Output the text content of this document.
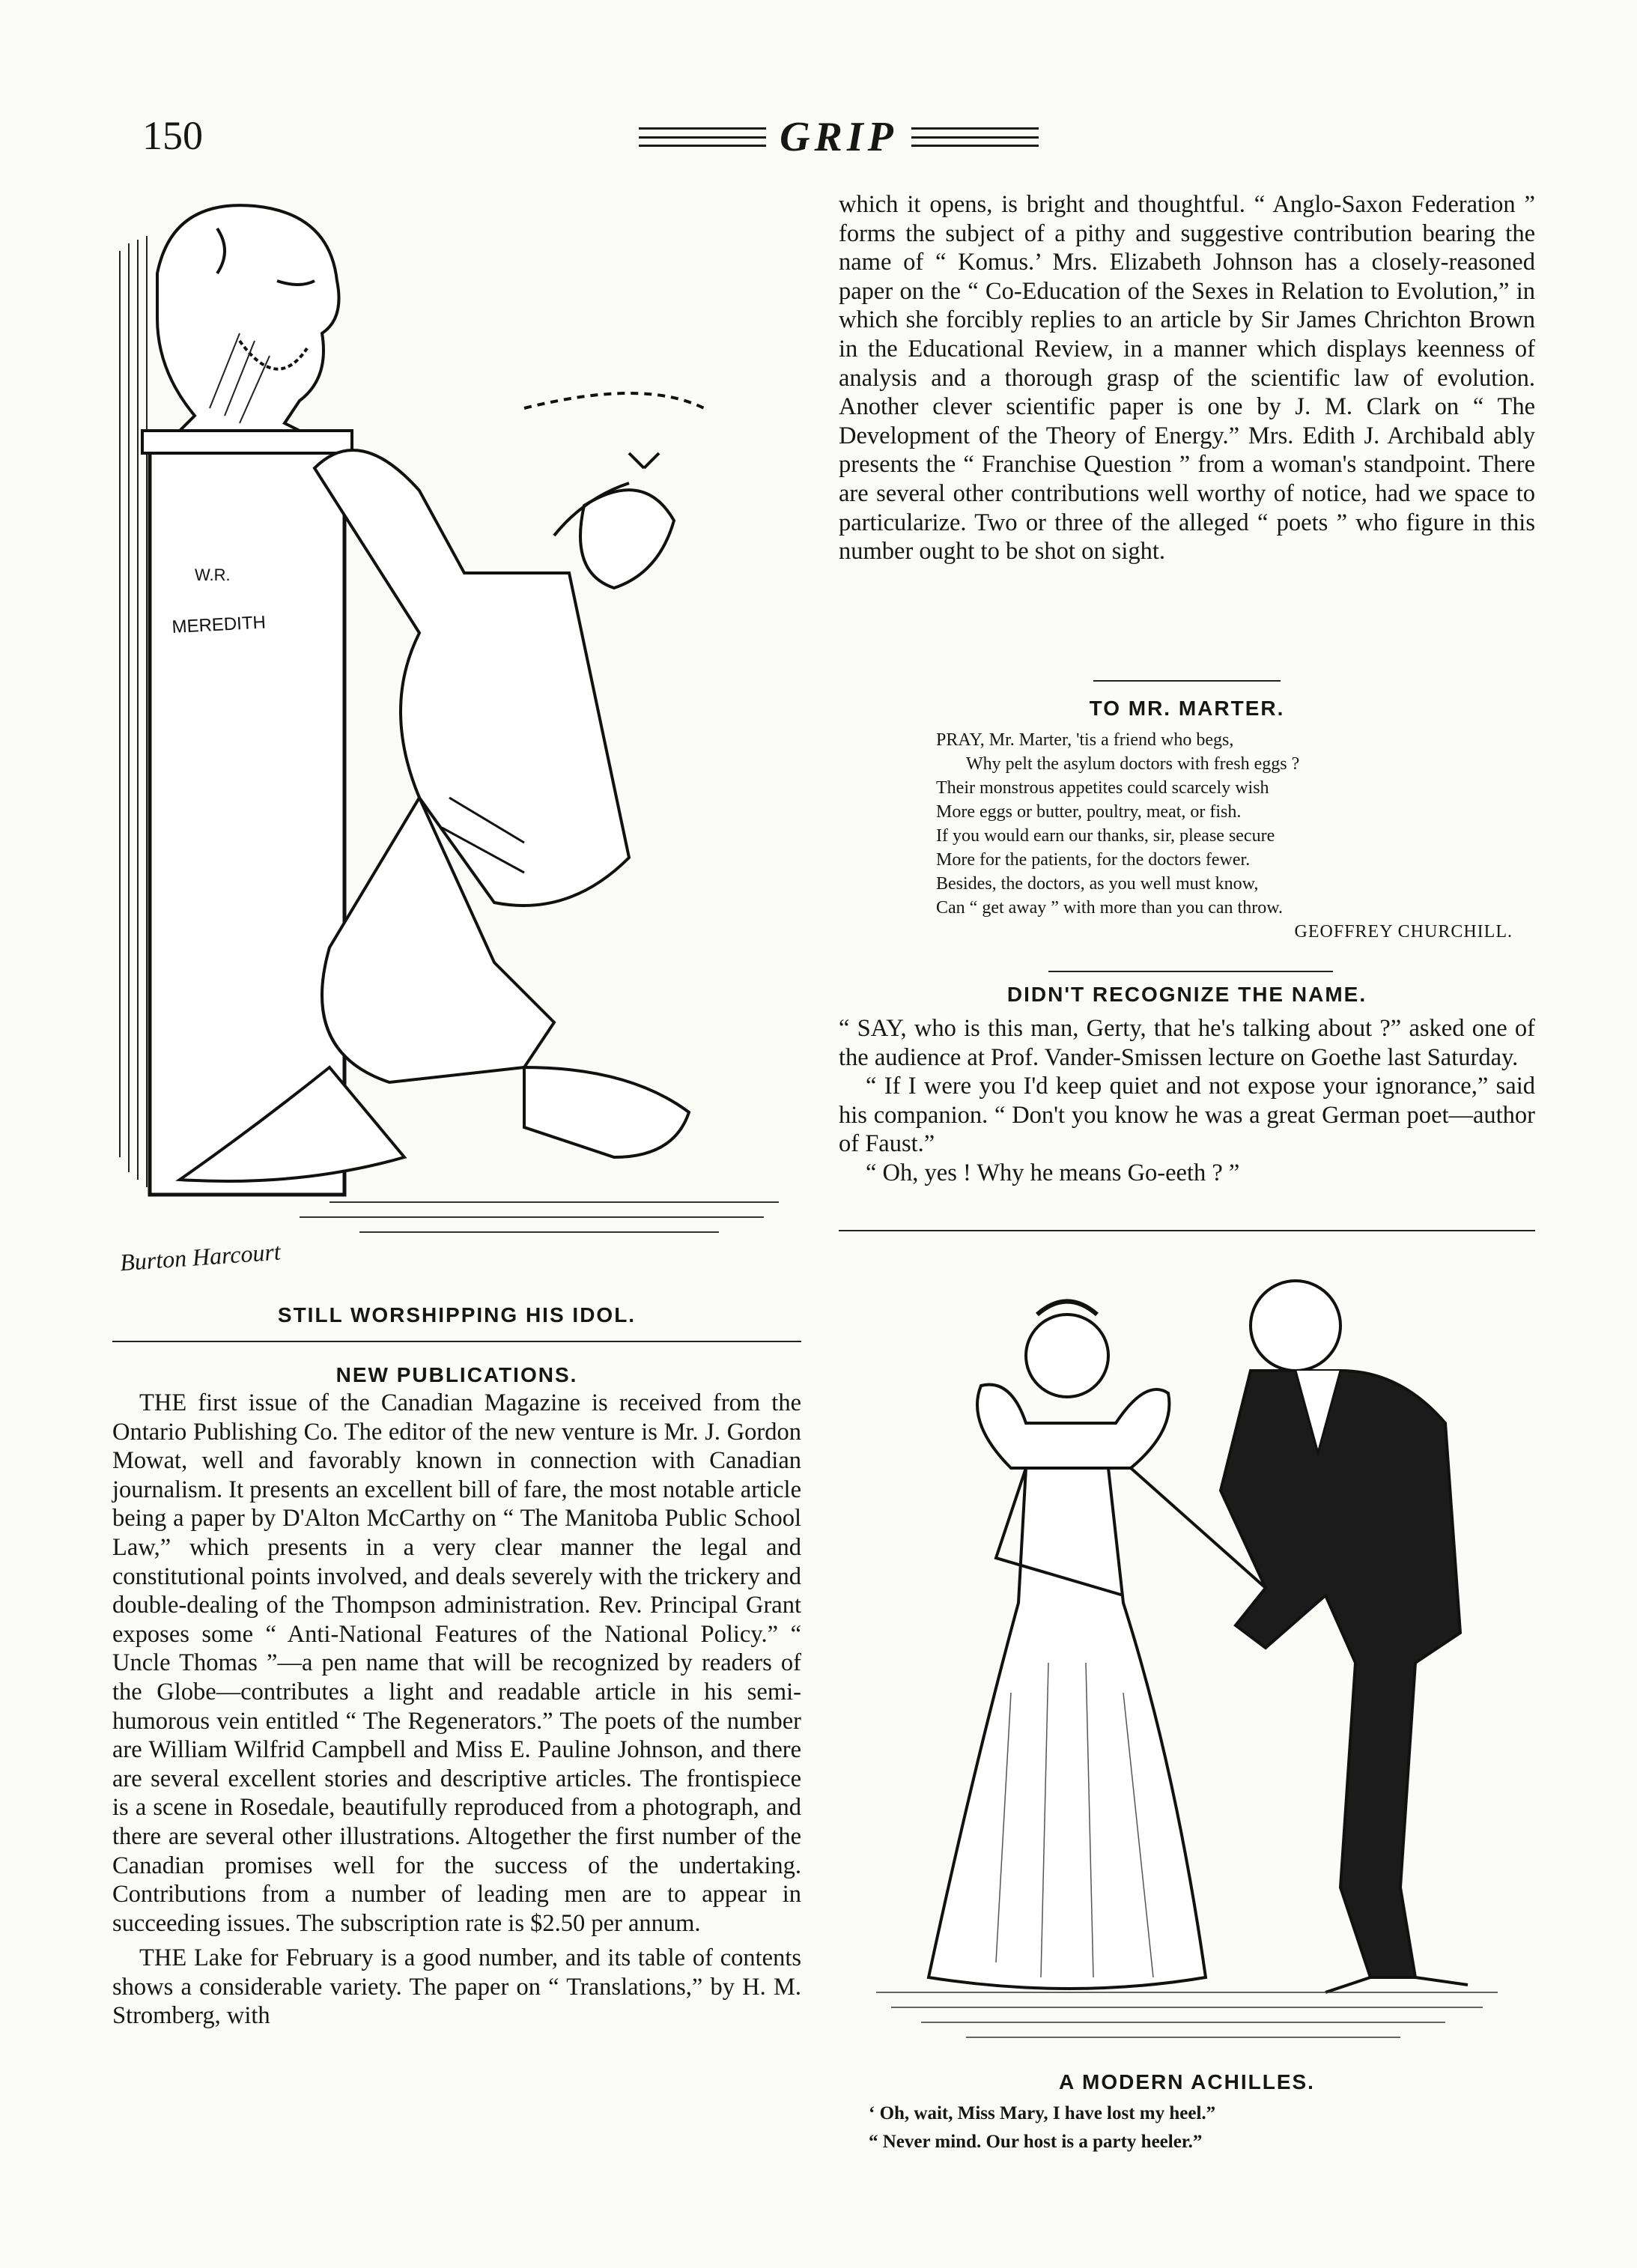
150	GRIP
W.R.
MEREDITH
Burton Harcourt
STILL WORSHIPPING HIS IDOL.
NEW PUBLICATIONS.

THE first issue of the Canadian Magazine is received from the Ontario Publishing Co. The editor of the new venture is Mr. J. Gordon Mowat, well and favorably known in connection with Canadian journalism. It presents an excellent bill of fare, the most notable article being a paper by D'Alton McCarthy on “ The Manitoba Public School Law,” which presents in a very clear manner the legal and constitutional points involved, and deals severely with the trickery and double-dealing of the Thompson administration. Rev. Principal Grant exposes some “ Anti-National Features of the National Policy.” “ Uncle Thomas ”—a pen name that will be recognized by readers of the Globe—contributes a light and readable article in his semi-humorous vein entitled “ The Regenerators.” The poets of the number are William Wilfrid Campbell and Miss E. Pauline Johnson, and there are several excellent stories and descriptive articles. The frontispiece is a scene in Rosedale, beautifully reproduced from a photograph, and there are several other illustrations. Altogether the first number of the Canadian promises well for the success of the undertaking. Contributions from a number of leading men are to appear in succeeding issues. The subscription rate is $2.50 per annum.

THE Lake for February is a good number, and its table of contents shows a considerable variety. The paper on “ Translations,” by H. M. Stromberg, with

which it opens, is bright and thoughtful. “ Anglo-Saxon Federation ” forms the subject of a pithy and suggestive contribution bearing the name of “ Komus.’ Mrs. Elizabeth Johnson has a closely-reasoned paper on the “ Co-Education of the Sexes in Relation to Evolution,” in which she forcibly replies to an article by Sir James Chrichton Brown in the Educational Review, in a manner which displays keenness of analysis and a thorough grasp of the scientific law of evolution. Another clever scientific paper is one by J. M. Clark on “ The Development of the Theory of Energy.” Mrs. Edith J. Archibald ably presents the “ Franchise Question ” from a woman's standpoint. There are several other contributions well worthy of notice, had we space to particularize. Two or three of the alleged “ poets ” who figure in this number ought to be shot on sight.

TO MR. MARTER.
PRAY, Mr. Marter, 'tis a friend who begs,
Why pelt the asylum doctors with fresh eggs ?
Their monstrous appetites could scarcely wish
More eggs or butter, poultry, meat, or fish.
If you would earn our thanks, sir, please secure
More for the patients, for the doctors fewer.
Besides, the doctors, as you well must know,
Can “ get away ” with more than you can throw.
GEOFFREY CHURCHILL.
DIDN'T RECOGNIZE THE NAME.

“ SAY, who is this man, Gerty, that he's talking about ?” asked one of the audience at Prof. Vander-Smissen lecture on Goethe last Saturday.

“ If I were you I'd keep quiet and not expose your ignorance,” said his companion. “ Don't you know he was a great German poet—author of Faust.”

“ Oh, yes ! Why he means Go-eeth ? ”

A MODERN ACHILLES.
‘ Oh, wait, Miss Mary, I have lost my heel.”
“ Never mind. Our host is a party heeler.”
